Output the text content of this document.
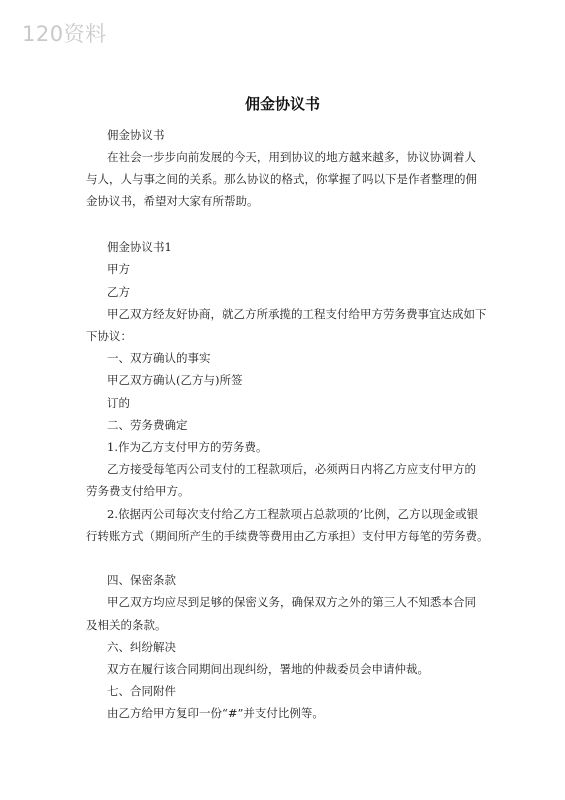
120资料
佣金协议书
佣金协议书
在社会一步步向前发展的今天，用到协议的地方越来越多，协议协调着人
与人，人与事之间的关系。那么协议的格式，你掌握了吗以下是作者整理的佣
金协议书，希望对大家有所帮助。
佣金协议书1
甲方
乙方
甲乙双方经友好协商，就乙方所承揽的工程支付给甲方劳务费事宜达成如下
下协议：
一、双方确认的事实
甲乙双方确认(乙方与)所签
订的
二、劳务费确定
1.作为乙方支付甲方的劳务费。
乙方接受每笔丙公司支付的工程款项后，必须两日内将乙方应支付甲方的
劳务费支付给甲方。
2.依据丙公司每次支付给乙方工程款项占总款项的’比例，乙方以现金或银
行转账方式（期间所产生的手续费等费用由乙方承担）支付甲方每笔的劳务费。
四、保密条款
甲乙双方均应尽到足够的保密义务，确保双方之外的第三人不知悉本合同
及相关的条款。
六、纠纷解决
双方在履行该合同期间出现纠纷，署地的仲裁委员会申请仲裁。
七、合同附件
由乙方给甲方复印一份“#”并支付比例等。
